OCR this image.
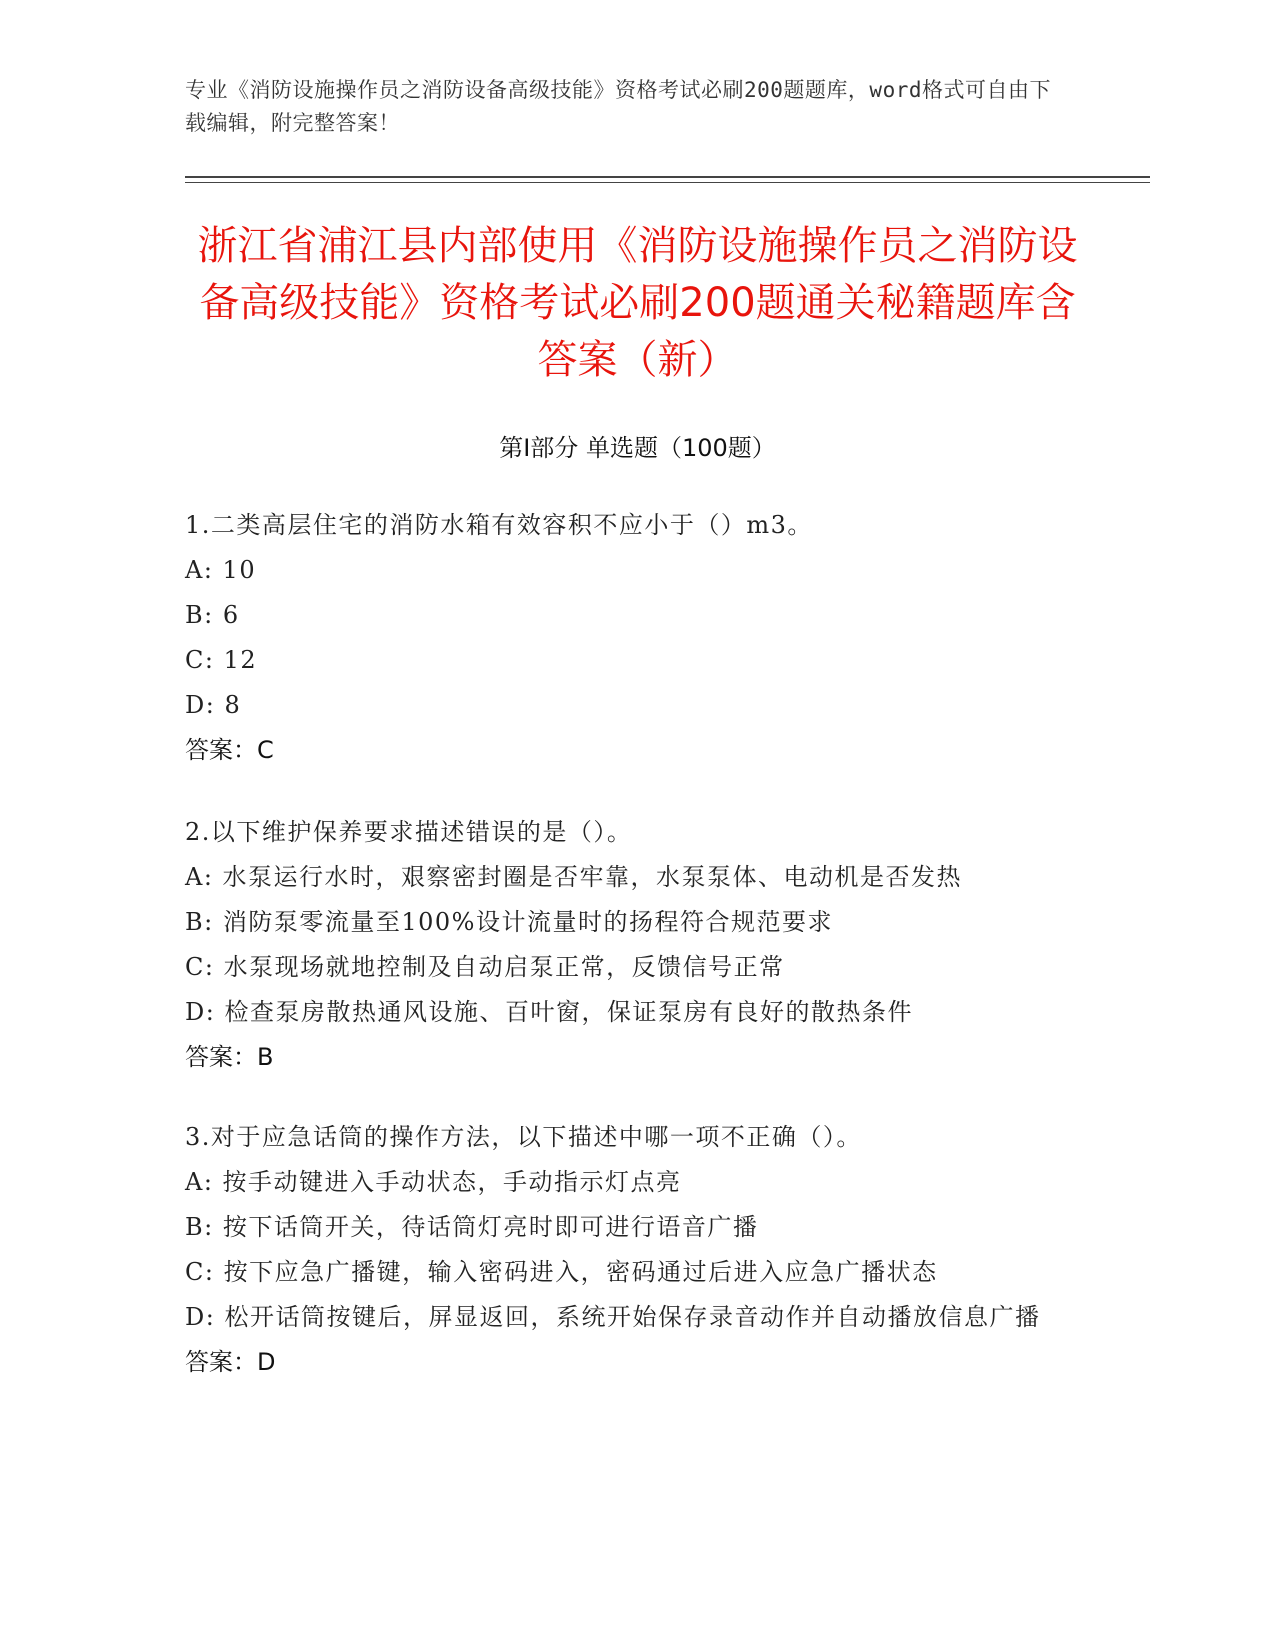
专业《消防设施操作员之消防设备高级技能》资格考试必刷200题题库，word格式可自由下载编辑，附完整答案！
浙江省浦江县内部使用《消防设施操作员之消防设备高级技能》资格考试必刷200题通关秘籍题库含答案（新）
第Ⅰ部分 单选题（100题）
1.二类高层住宅的消防水箱有效容积不应小于（）m3。
A: 10
B: 6
C: 12
D: 8
答案：C
2.以下维护保养要求描述错误的是（）。
A: 水泵运行水时，艰察密封圈是否牢靠，水泵泵体、电动机是否发热
B: 消防泵零流量至100%设计流量时的扬程符合规范要求
C: 水泵现场就地控制及自动启泵正常，反馈信号正常
D: 检查泵房散热通风设施、百叶窗，保证泵房有良好的散热条件
答案：B
3.对于应急话筒的操作方法，以下描述中哪一项不正确（）。
A: 按手动键进入手动状态，手动指示灯点亮
B: 按下话筒开关，待话筒灯亮时即可进行语音广播
C: 按下应急广播键，输入密码进入，密码通过后进入应急广播状态
D: 松开话筒按键后，屏显返回，系统开始保存录音动作并自动播放信息广播
答案：D
